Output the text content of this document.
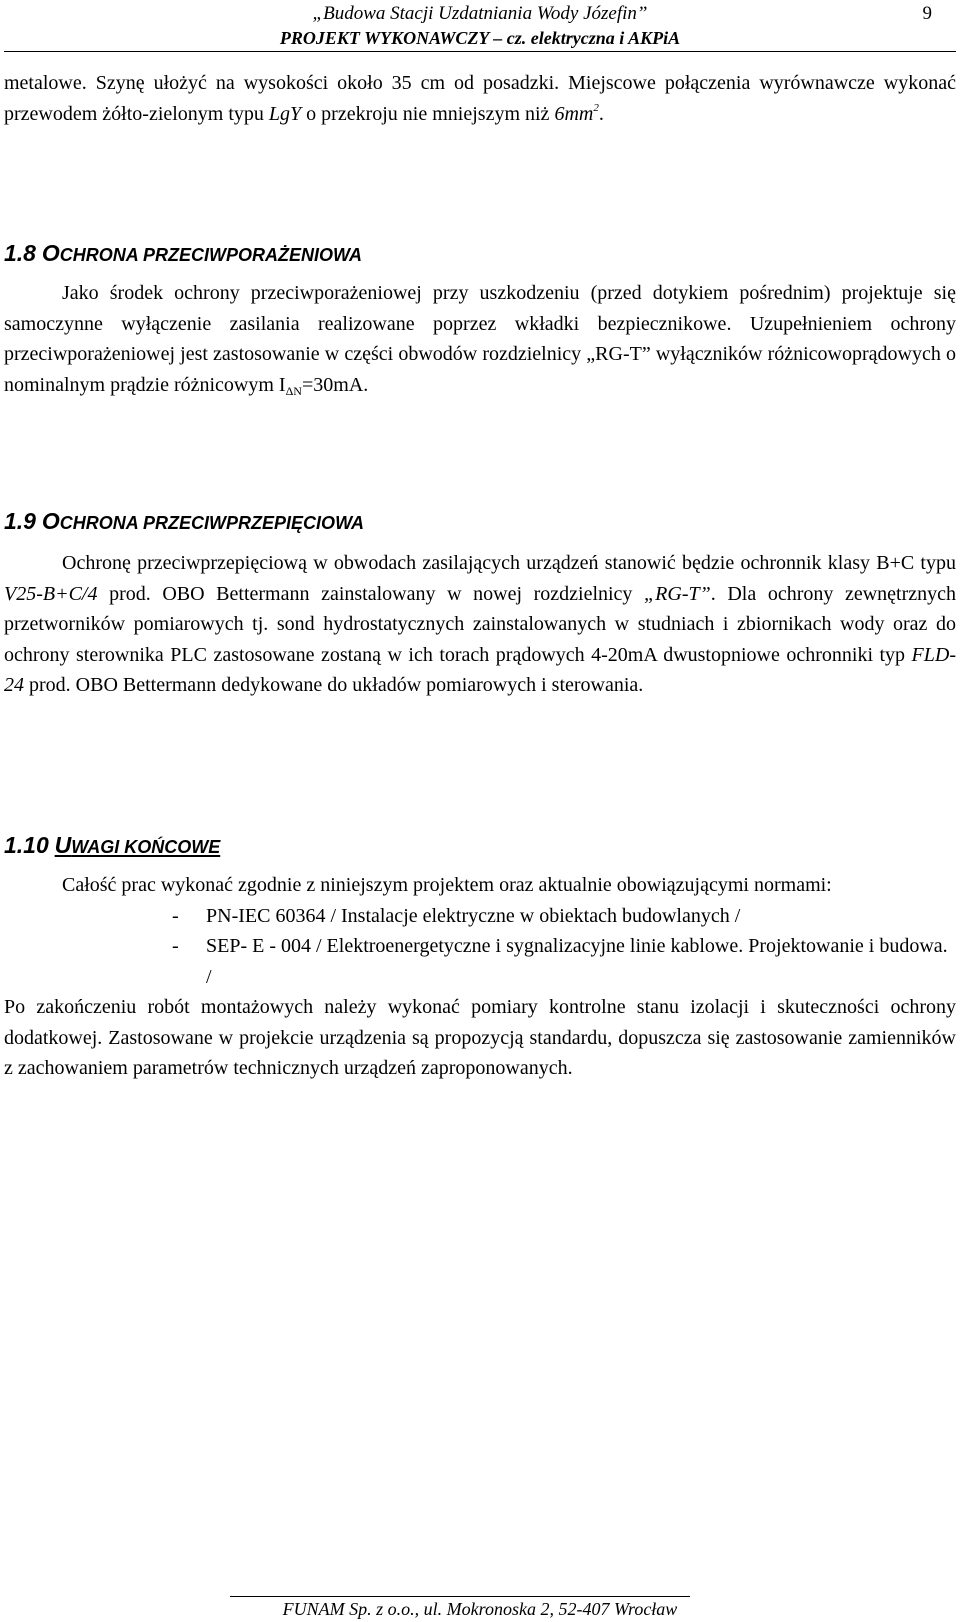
„Budowa Stacji Uzdatniania Wody Józefin”	9
PROJEKT WYKONAWCZY – cz. elektryczna i AKPiA

metalowe. Szynę ułożyć na wysokości około 35 cm od posadzki. Miejscowe połączenia wyrównawcze wykonać przewodem żółto-zielonym typu LgY o przekroju nie mniejszym niż $6mm^2$.

1.8 OCHRONA PRZECIWPORAŻENIOWA

Jako środek ochrony przeciwporażeniowej przy uszkodzeniu (przed dotykiem pośrednim) projektuje się samoczynne wyłączenie zasilania realizowane poprzez wkładki bezpiecznikowe. Uzupełnieniem ochrony przeciwporażeniowej jest zastosowanie w części obwodów rozdzielnicy „RG-T” wyłączników różnicowoprądowych o nominalnym prądzie różnicowym $I_{\Delta N}=30mA$.

1.9 OCHRONA PRZECIWPRZEPIĘCIOWA

Ochronę przeciwprzepięciową w obwodach zasilających urządzeń stanowić będzie ochronnik klasy B+C typu V25-B+C/4 prod. OBO Bettermann zainstalowany w nowej rozdzielnicy „RG-T”. Dla ochrony zewnętrznych przetworników pomiarowych tj. sond hydrostatycznych zainstalowanych w studniach i zbiornikach wody oraz do ochrony sterownika PLC zastosowane zostaną w ich torach prądowych 4-20mA dwustopniowe ochronniki typ FLD-24 prod. OBO Bettermann dedykowane do układów pomiarowych i sterowania.

1.10 UWAGI KOŃCOWE

Całość prac wykonać zgodnie z niniejszym projektem oraz aktualnie obowiązującymi normami:

- PN-IEC 60364 / Instalacje elektryczne w obiektach budowlanych /
- SEP- E - 004 / Elektroenergetyczne i sygnalizacyjne linie kablowe. Projektowanie i budowa. /

Po zakończeniu robót montażowych należy wykonać pomiary kontrolne stanu izolacji i skuteczności ochrony dodatkowej. Zastosowane w projekcie urządzenia są propozycją standardu, dopuszcza się zastosowanie zamienników z zachowaniem parametrów technicznych urządzeń zaproponowanych.

FUNAM Sp. z o.o., ul. Mokronoska 2, 52-407 Wrocław
